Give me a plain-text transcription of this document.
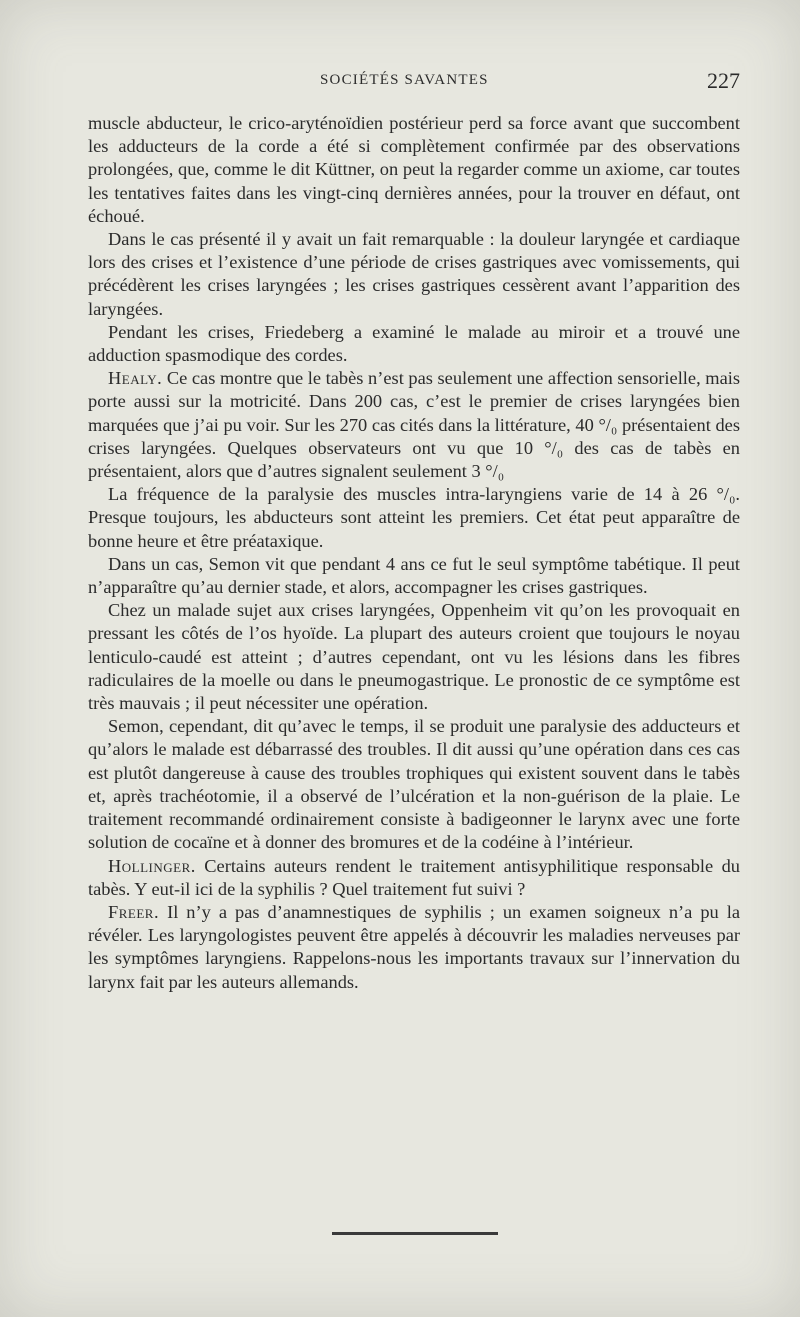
SOCIÉTÉS SAVANTES	227

muscle abducteur, le crico-aryténoïdien postérieur perd sa force avant que succombent les adducteurs de la corde a été si complètement confirmée par des observations prolongées, que, comme le dit Küttner, on peut la regarder comme un axiome, car toutes les tentatives faites dans les vingt-cinq dernières années, pour la trouver en défaut, ont échoué.

Dans le cas présenté il y avait un fait remarquable : la douleur laryngée et cardiaque lors des crises et l’existence d’une période de crises gastriques avec vomissements, qui précédèrent les crises laryngées ; les crises gastriques cessèrent avant l’apparition des laryngées.

Pendant les crises, Friedeberg a examiné le malade au miroir et a trouvé une adduction spasmodique des cordes.

Healy. Ce cas montre que le tabès n’est pas seulement une affection sensorielle, mais porte aussi sur la motricité. Dans 200 cas, c’est le premier de crises laryngées bien marquées que j’ai pu voir. Sur les 270 cas cités dans la littérature, 40 °/₀ présentaient des crises laryngées. Quelques observateurs ont vu que 10 °/₀ des cas de tabès en présentaient, alors que d’autres signalent seulement 3 °/₀

La fréquence de la paralysie des muscles intra-laryngiens varie de 14 à 26 °/₀. Presque toujours, les abducteurs sont atteint les premiers. Cet état peut apparaître de bonne heure et être préataxique.

Dans un cas, Semon vit que pendant 4 ans ce fut le seul symptôme tabétique. Il peut n’apparaître qu’au dernier stade, et alors, accompagner les crises gastriques.

Chez un malade sujet aux crises laryngées, Oppenheim vit qu’on les provoquait en pressant les côtés de l’os hyoïde. La plupart des auteurs croient que toujours le noyau lenticulo-caudé est atteint ; d’autres cependant, ont vu les lésions dans les fibres radiculaires de la moelle ou dans le pneumogastrique. Le pronostic de ce symptôme est très mauvais ; il peut nécessiter une opération.

Semon, cependant, dit qu’avec le temps, il se produit une paralysie des adducteurs et qu’alors le malade est débarrassé des troubles. Il dit aussi qu’une opération dans ces cas est plutôt dangereuse à cause des troubles trophiques qui existent souvent dans le tabès et, après trachéotomie, il a observé de l’ulcération et la non-guérison de la plaie. Le traitement recommandé ordinairement consiste à badigeonner le larynx avec une forte solution de cocaïne et à donner des bromures et de la codéine à l’intérieur.

Hollinger. Certains auteurs rendent le traitement antisyphilitique responsable du tabès. Y eut-il ici de la syphilis ? Quel traitement fut suivi ?

Freer. Il n’y a pas d’anamnestiques de syphilis ; un examen soigneux n’a pu la révéler. Les laryngologistes peuvent être appelés à découvrir les maladies nerveuses par les symptômes laryngiens. Rappelons-nous les importants travaux sur l’innervation du larynx fait par les auteurs allemands.
